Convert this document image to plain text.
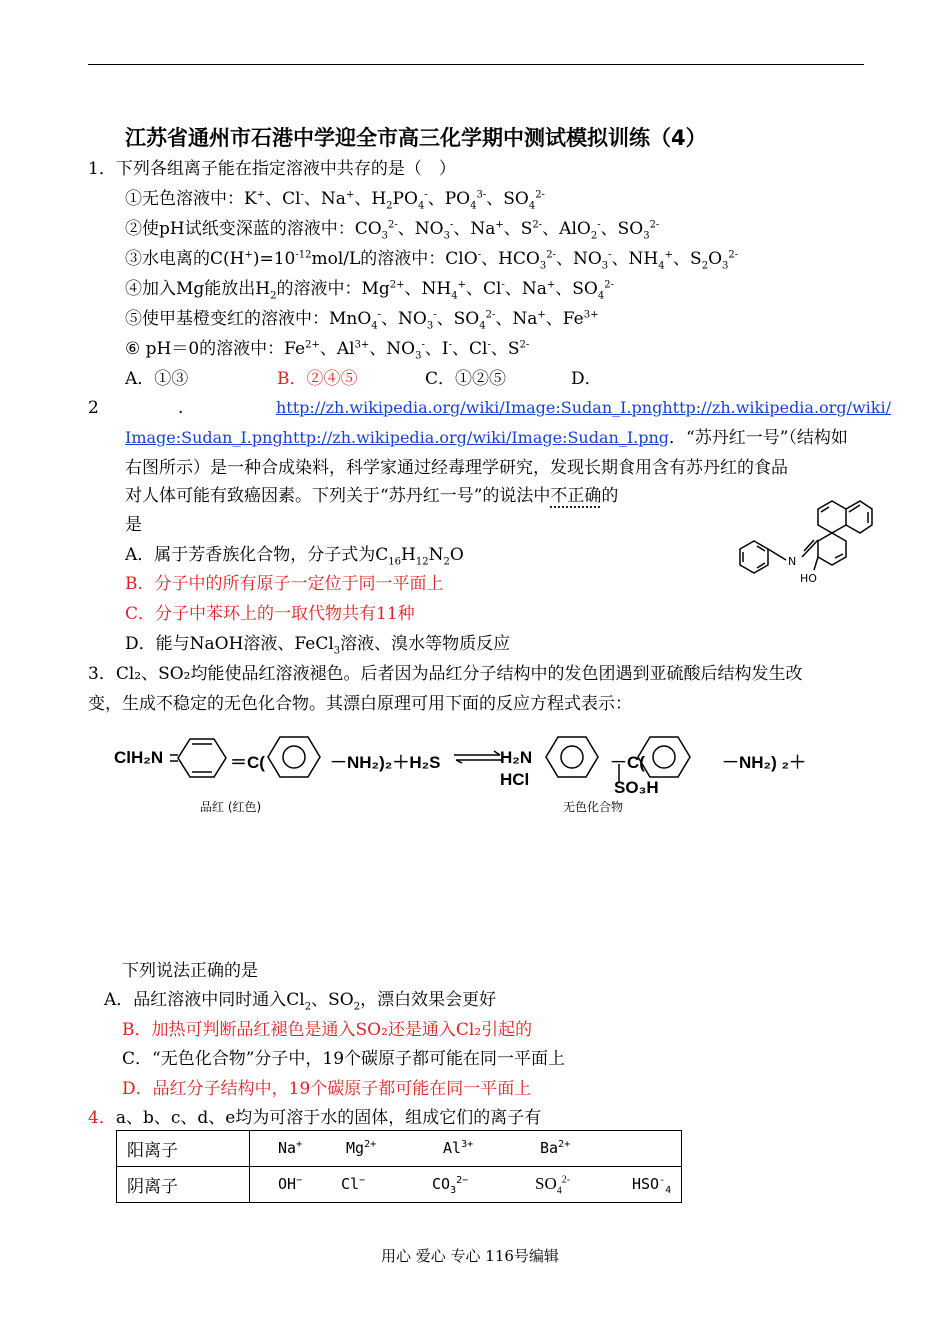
江苏省通州市石港中学迎全市高三化学期中测试模拟训练（4）
1．下列各组离子能在指定溶液中共存的是（　）
①无色溶液中：K+、Cl-、Na+、$H_2PO_4^-$、$PO_4^{3-}$、$SO_4^{2-}$
②使pH试纸变深蓝的溶液中：$CO_3^{2-}$、$NO_3^-$、Na+、$S^{2-}$、AlO$_2$-、$SO_3^{2-}$
③水电离的$C(H^+)=10^{-12}mol/L$的溶液中：ClO-、$HCO_3^{2-}$、$NO_3^-$、$NH_4^+$、$S_2O_3^{2-}$
④加入Mg能放出$H_2$的溶液中：$Mg^{2+}$、$NH_4^+$、Cl-、Na+、$SO_4^{2-}$
⑤使甲基橙变红的溶液中：MnO$_4$-、$NO_3^-$、$SO_4^{2-}$、Na+、$Fe^{3+}$
⑥ pH＝0的溶液中：$Fe^{2+}$、$Al^{3+}$、$NO_3^-$、I-、Cl-、$S^{2-}$
A．①③	B．②④⑤	C．①②⑤	D．
2	.	http://zh.wikipedia.org/wiki/Image:Sudan_I.pnghttp://zh.wikipedia.org/wiki/
Image:Sudan_I.pnghttp://zh.wikipedia.org/wiki/Image:Sudan_I.png．“苏丹红一号”（结构如
右图所示）是一种合成染料，科学家通过经毒理学研究，发现长期食用含有苏丹红的食品
对人体可能有致癌因素。下列关于“苏丹红一号”的说法中不正确的
是
A．属于芳香族化合物，分子式为$C_{16}H_{12}N_2O$
B．分子中的所有原子一定位于同一平面上
C．分子中苯环上的一取代物共有11种
D．能与NaOH溶液、FeCl$_3$溶液、溴水等物质反应
N
HO
3．Cl₂、SO₂均能使品红溶液褪色。后者因为品红分子结构中的发色团遇到亚硫酸后结构发生改
变，生成不稳定的无色化合物。其漂白原理可用下面的反应方程式表示：
ClH₂N	＝C(	－NH₂)₂＋H₂S ⇌
H₂N
HCl
－C(
SO₃H
－NH₂) ₂＋
品红 (红色)	无色化合物
下列说法正确的是
A．品红溶液中同时通入$Cl_2$、$SO_2$，漂白效果会更好
B．加热可判断品红褪色是通入SO₂还是通入Cl₂引起的
C．“无色化合物”分子中，19个碳原子都可能在同一平面上
D．品红分子结构中，19个碳原子都可能在同一平面上
4．a、b、c、d、e均为可溶于水的固体，组成它们的离子有
阳离子	Na+ $Mg^{2+}$ $Al^{3+}$ $Ba^{2+}$

阴离子	OH− Cl− $CO_3^{2-}$ $SO_4^{2-}$ $HSO^-_4$
用心 爱心 专心 116号编辑
